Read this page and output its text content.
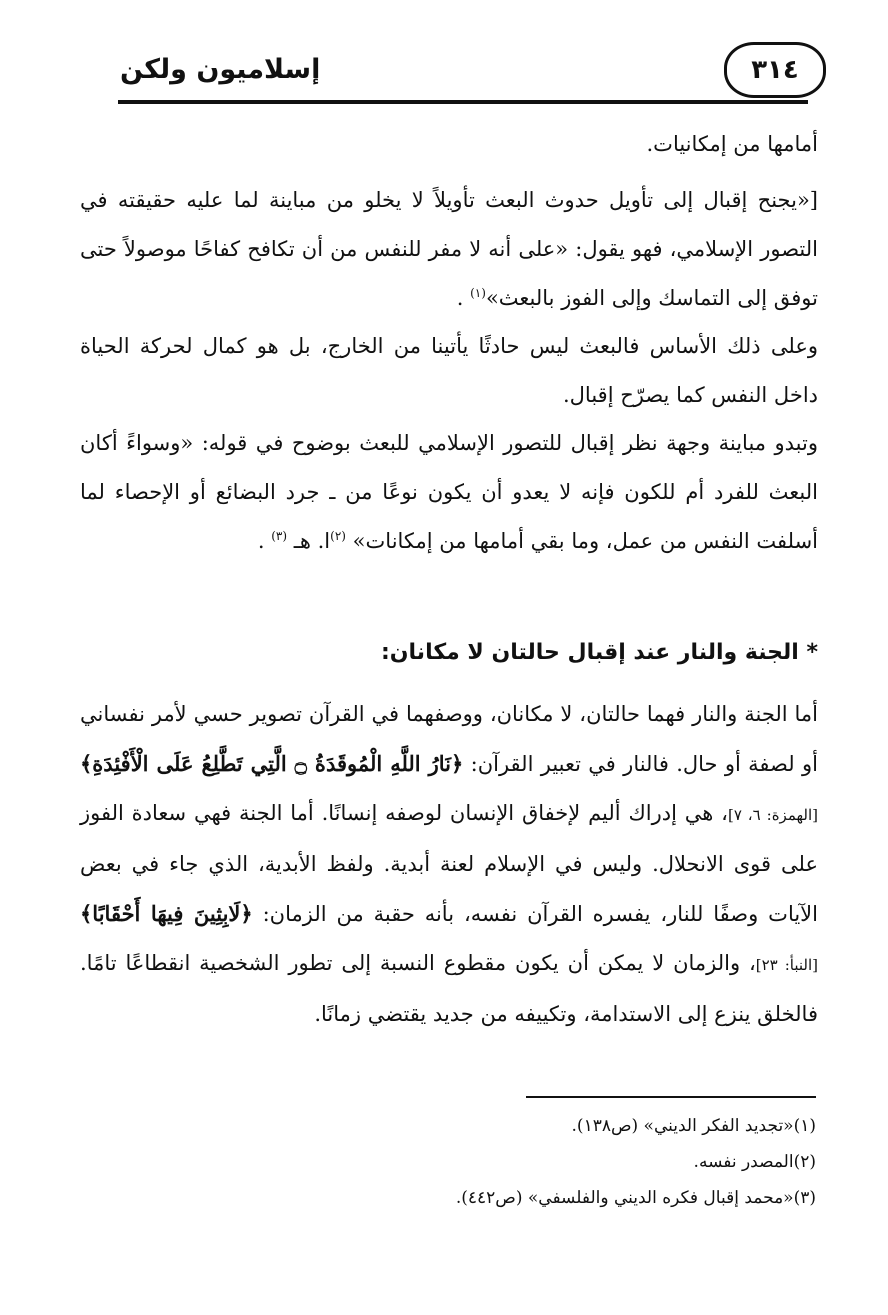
إسلاميون ولكن	٣١٤

أمامها من إمكانيات.

[«يجنح إقبال إلى تأويل حدوث البعث تأويلاً لا يخلو من مباينة لما عليه حقيقته في التصور الإسلامي، فهو يقول: «على أنه لا مفر للنفس من أن تكافح كفاحًا موصولاً حتى توفق إلى التماسك وإلى الفوز بالبعث»$^{(١)}$ .

وعلى ذلك الأساس فالبعث ليس حادثًا يأتينا من الخارج، بل هو كمال لحركة الحياة داخل النفس كما يصرّح إقبال.

وتبدو مباينة وجهة نظر إقبال للتصور الإسلامي للبعث بوضوح في قوله: «وسواءً أكان البعث للفرد أم للكون فإنه لا يعدو أن يكون نوعًا من ـ جرد البضائع أو الإحصاء لما أسلفت النفس من عمل، وما بقي أمامها من إمكانات» $^{(٢)}$ا. هـ $^{(٣)}$ .

* الجنة والنار عند إقبال حالتان لا مكانان:

أما الجنة والنار فهما حالتان، لا مكانان، ووصفهما في القرآن تصوير حسي لأمر نفساني أو لصفة أو حال. فالنار في تعبير القرآن: ﴿نَارُ اللَّهِ الْمُوقَدَةُ ۝ الَّتِي تَطَّلِعُ عَلَى الْأَفْئِدَةِ﴾ [الهمزة: ٦، ٧]، هي إدراك أليم لإخفاق الإنسان لوصفه إنسانًا. أما الجنة فهي سعادة الفوز على قوى الانحلال. وليس في الإسلام لعنة أبدية. ولفظ الأبدية، الذي جاء في بعض الآيات وصفًا للنار، يفسره القرآن نفسه، بأنه حقبة من الزمان: ﴿لَابِثِينَ فِيهَا أَحْقَابًا﴾ [النبأ: ٢٣]، والزمان لا يمكن أن يكون مقطوع النسبة إلى تطور الشخصية انقطاعًا تامًا. فالخلق ينزع إلى الاستدامة، وتكييفه من جديد يقتضي زمانًا.

(١)«تجديد الفكر الديني» (ص١٣٨).
(٢)المصدر نفسه.
(٣)«محمد إقبال فكره الديني والفلسفي» (ص٤٤٢).
